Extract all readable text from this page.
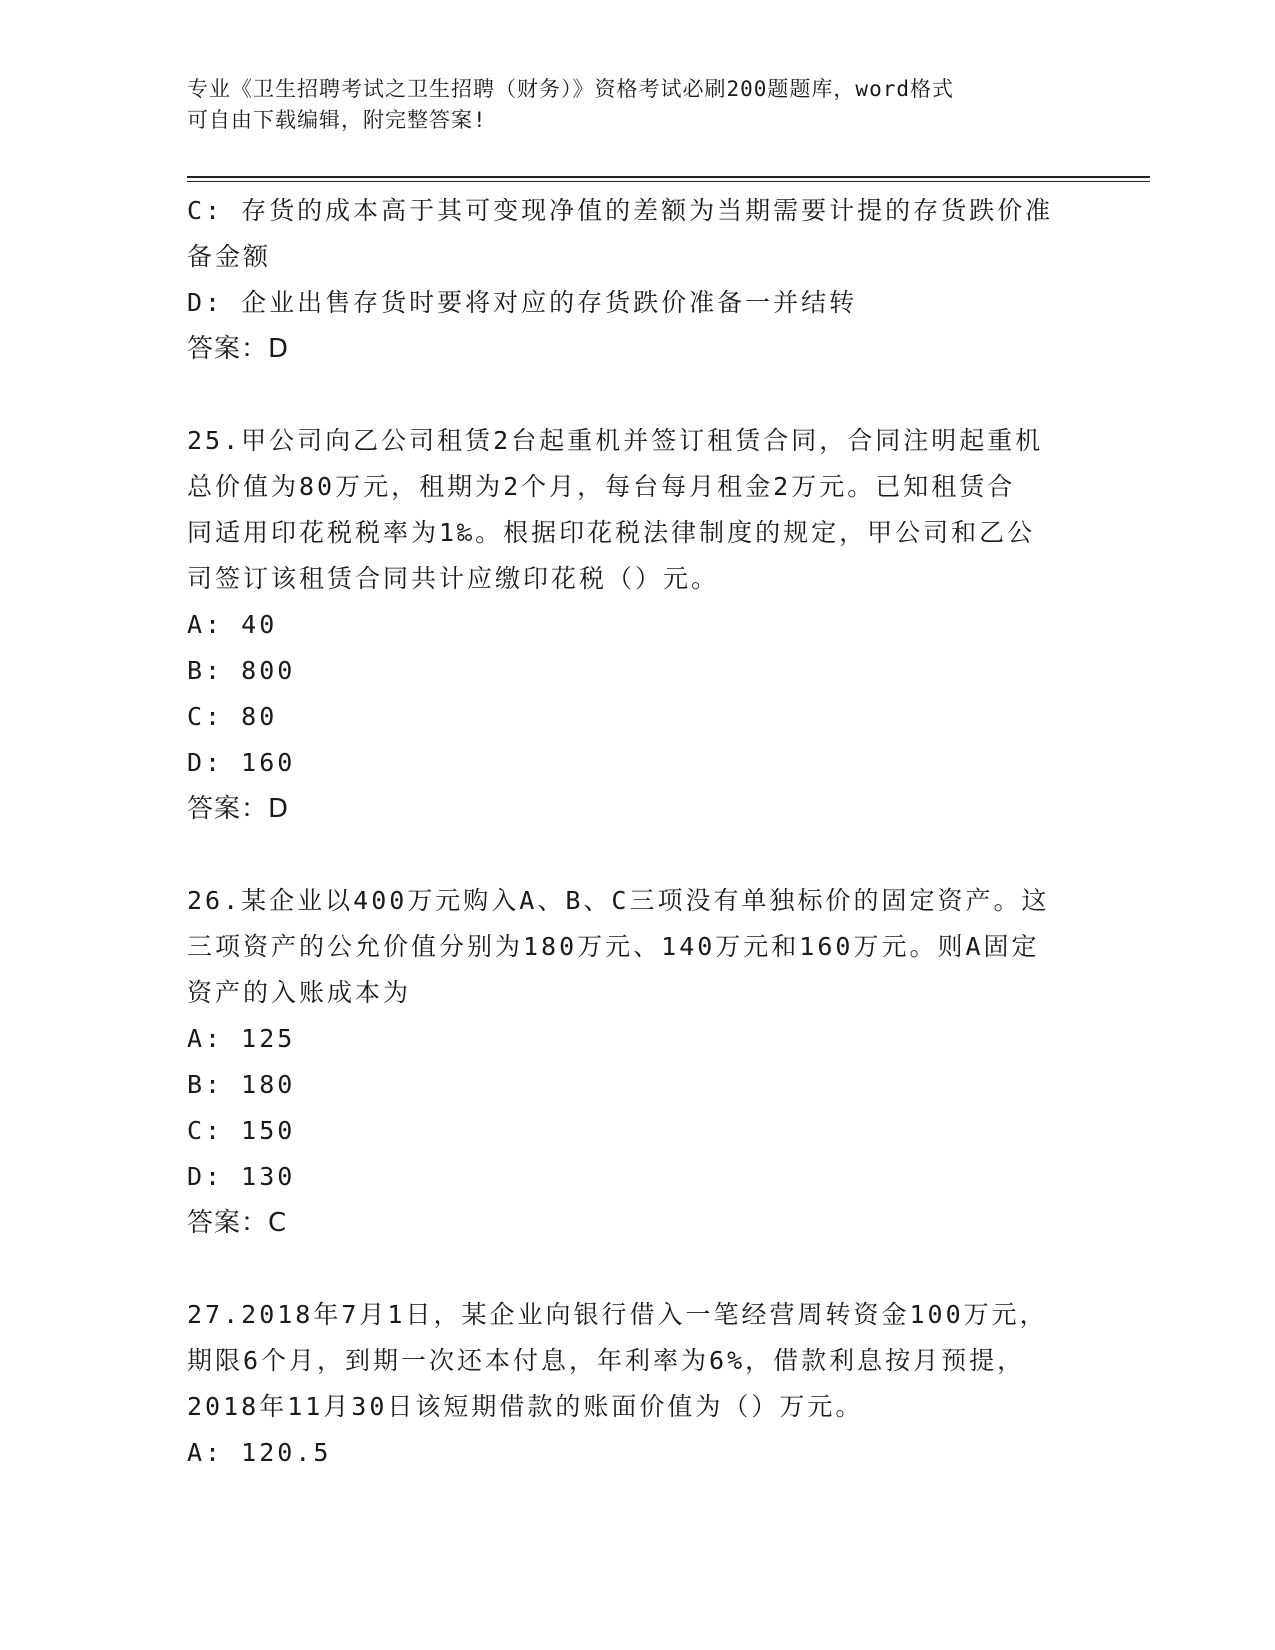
专业《卫生招聘考试之卫生招聘（财务）》资格考试必刷200题题库，word格式
可自由下载编辑，附完整答案!
C: 存货的成本高于其可变现净值的差额为当期需要计提的存货跌价准
备金额
D: 企业出售存货时要将对应的存货跌价准备一并结转
答案：D
25.甲公司向乙公司租赁2台起重机并签订租赁合同，合同注明起重机
总价值为80万元，租期为2个月，每台每月租金2万元。已知租赁合
同适用印花税税率为1‰。根据印花税法律制度的规定，甲公司和乙公
司签订该租赁合同共计应缴印花税（）元。
A: 40
B: 800
C: 80
D: 160
答案：D
26.某企业以400万元购入A、B、C三项没有单独标价的固定资产。这
三项资产的公允价值分别为180万元、140万元和160万元。则A固定
资产的入账成本为
A: 125
B: 180
C: 150
D: 130
答案：C
27.2018年7月1日，某企业向银行借入一笔经营周转资金100万元，
期限6个月，到期一次还本付息，年利率为6%，借款利息按月预提，
2018年11月30日该短期借款的账面价值为（）万元。
A: 120.5
